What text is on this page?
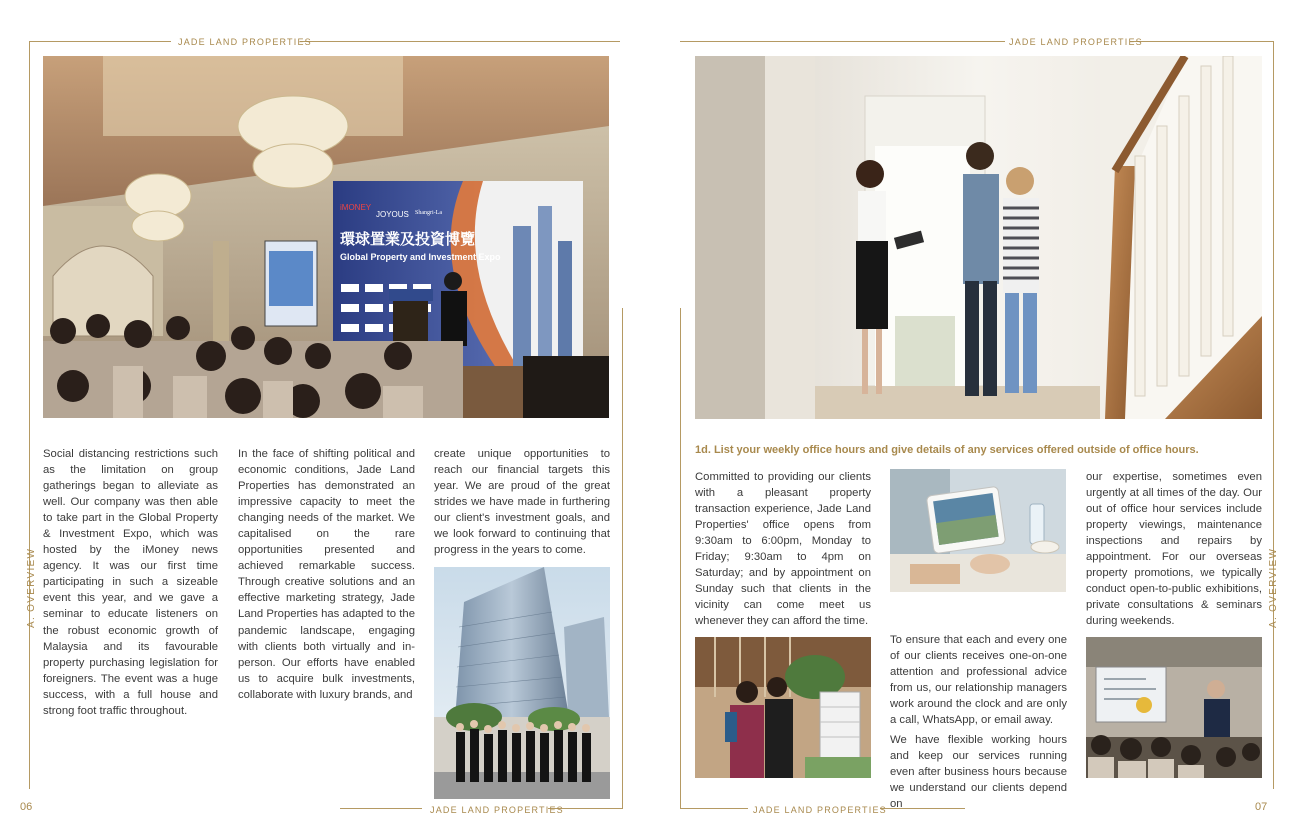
JADE LAND PROPERTIES
JADE LAND PROPERTIES
A. OVERVIEW
06
iMONEY
JOYOUS Shangri-La
環球置業及投資博覽
Global Property and Investment Expo
Social distancing restrictions such as the limitation on group gatherings began to alleviate as well. Our company was then able to take part in the Global Property & Investment Expo, which was hosted by the iMoney news agency. It was our first time participating in such a sizeable event this year, and we gave a seminar to educate listeners on the robust economic growth of Malaysia and its favourable property purchasing legislation for foreigners. The event was a huge success, with a full house and strong foot traffic throughout.
In the face of shifting political and economic conditions, Jade Land Properties has demonstrated an impressive capacity to meet the changing needs of the market. We capitalised on the rare opportunities presented and achieved remarkable success. Through creative solutions and an effective marketing strategy, Jade Land Properties has adapted to the pandemic landscape, engaging with clients both virtually and in-person. Our efforts have enabled us to acquire bulk investments, collaborate with luxury brands, and
create unique opportunities to reach our financial targets this year. We are proud of the great strides we have made in furthering our client's investment goals, and we look forward to continuing that progress in the years to come.
JADE LAND PROPERTIES
JADE LAND PROPERTIES
A. OVERVIEW
07
1d. List your weekly office hours and give details of any services offered outside of office hours.
Committed to providing our clients with a pleasant property transaction experience, Jade Land Properties' office opens from 9:30am to 6:00pm, Monday to Friday; 9:30am to 4pm on Saturday; and by appointment on Sunday such that clients in the vicinity can come meet us whenever they can afford the time.
our expertise, sometimes even urgently at all times of the day. Our out of office hour services include property viewings, maintenance inspections and repairs by appointment. For our overseas property promotions, we typically conduct open-to-public exhibitions, private consultations & seminars during weekends.
To ensure that each and every one of our clients receives one-on-one attention and professional advice from us, our relationship managers work around the clock and are only a call, WhatsApp, or email away.
We have flexible working hours and keep our services running even after business hours because we understand our clients depend on
